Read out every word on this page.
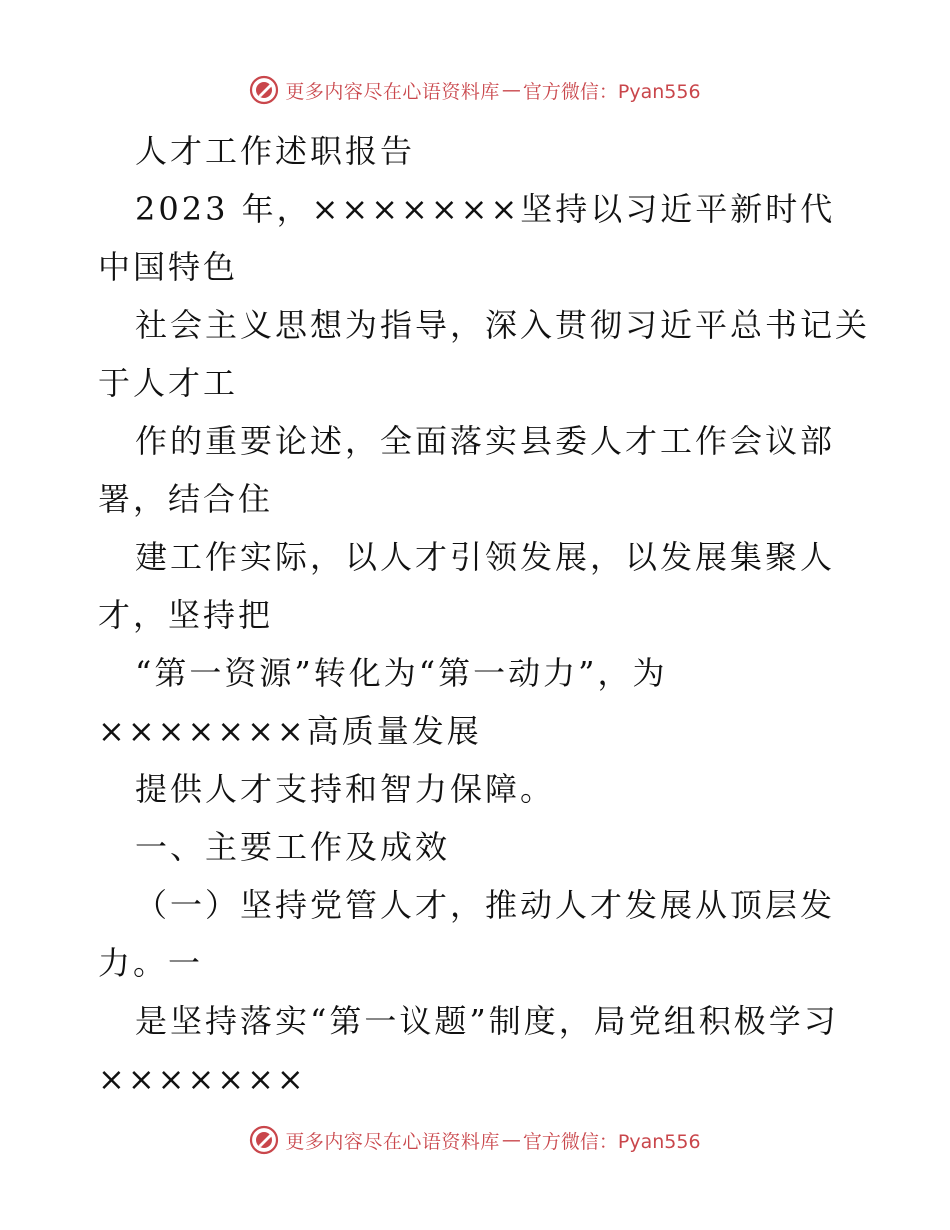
更多内容尽在心语资料库 — 官方微信：Pyan556
人才工作述职报告
2023 年，×××××××坚持以习近平新时代
中国特色
社会主义思想为指导，深入贯彻习近平总书记关
于人才工
作的重要论述，全面落实县委人才工作会议部
署，结合住
建工作实际，以人才引领发展，以发展集聚人
才，坚持把
“第一资源”转化为“第一动力”，为
×××××××高质量发展
提供人才支持和智力保障。
一、主要工作及成效
（一）坚持党管人才，推动人才发展从顶层发
力。一
是坚持落实“第一议题”制度，局党组积极学习
×××××××
更多内容尽在心语资料库 — 官方微信：Pyan556
